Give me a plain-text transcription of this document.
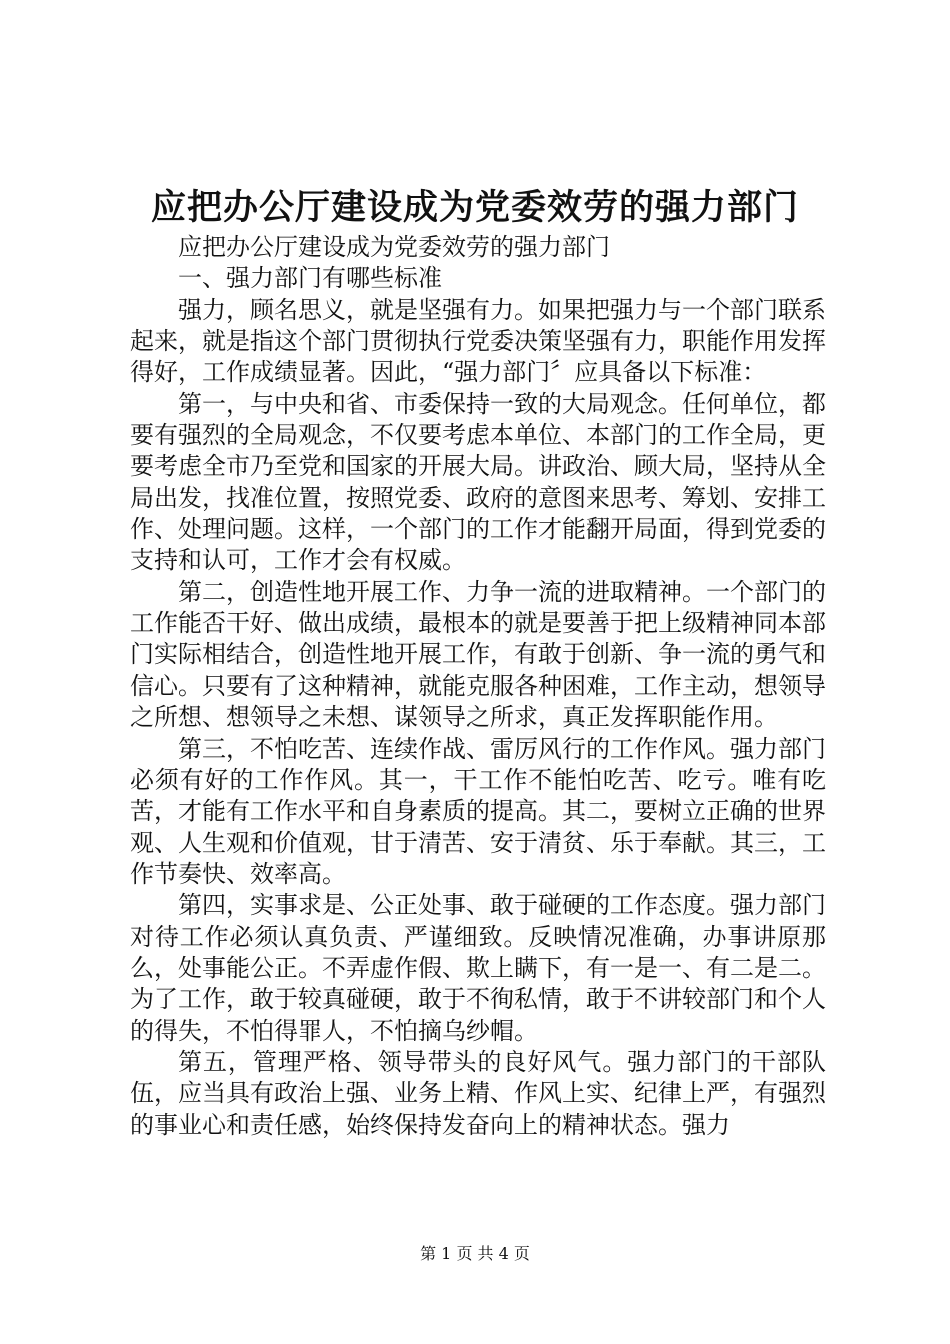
应把办公厅建设成为党委效劳的强力部门

应把办公厅建设成为党委效劳的强力部门

一、强力部门有哪些标准

强力，顾名思义，就是坚强有力。如果把强力与一个部门联系起来，就是指这个部门贯彻执行党委决策坚强有力，职能作用发挥得好，工作成绩显著。因此，“强力部门〞应具备以下标准：

第一，与中央和省、市委保持一致的大局观念。任何单位，都要有强烈的全局观念，不仅要考虑本单位、本部门的工作全局，更要考虑全市乃至党和国家的开展大局。讲政治、顾大局，坚持从全局出发，找准位置，按照党委、政府的意图来思考、筹划、安排工作、处理问题。这样，一个部门的工作才能翻开局面，得到党委的支持和认可，工作才会有权威。

第二，创造性地开展工作、力争一流的进取精神。一个部门的工作能否干好、做出成绩，最根本的就是要善于把上级精神同本部门实际相结合，创造性地开展工作，有敢于创新、争一流的勇气和信心。只要有了这种精神，就能克服各种困难，工作主动，想领导之所想、想领导之未想、谋领导之所求，真正发挥职能作用。

第三，不怕吃苦、连续作战、雷厉风行的工作作风。强力部门必须有好的工作作风。其一，干工作不能怕吃苦、吃亏。唯有吃苦，才能有工作水平和自身素质的提高。其二，要树立正确的世界观、人生观和价值观，甘于清苦、安于清贫、乐于奉献。其三，工作节奏快、效率高。

第四，实事求是、公正处事、敢于碰硬的工作态度。强力部门对待工作必须认真负责、严谨细致。反映情况准确，办事讲原那么，处事能公正。不弄虚作假、欺上瞒下，有一是一、有二是二。为了工作，敢于较真碰硬，敢于不徇私情，敢于不讲较部门和个人的得失，不怕得罪人，不怕摘乌纱帽。

第五，管理严格、领导带头的良好风气。强力部门的干部队伍，应当具有政治上强、业务上精、作风上实、纪律上严，有强烈的事业心和责任感，始终保持发奋向上的精神状态。强力

第 1 页 共 4 页
